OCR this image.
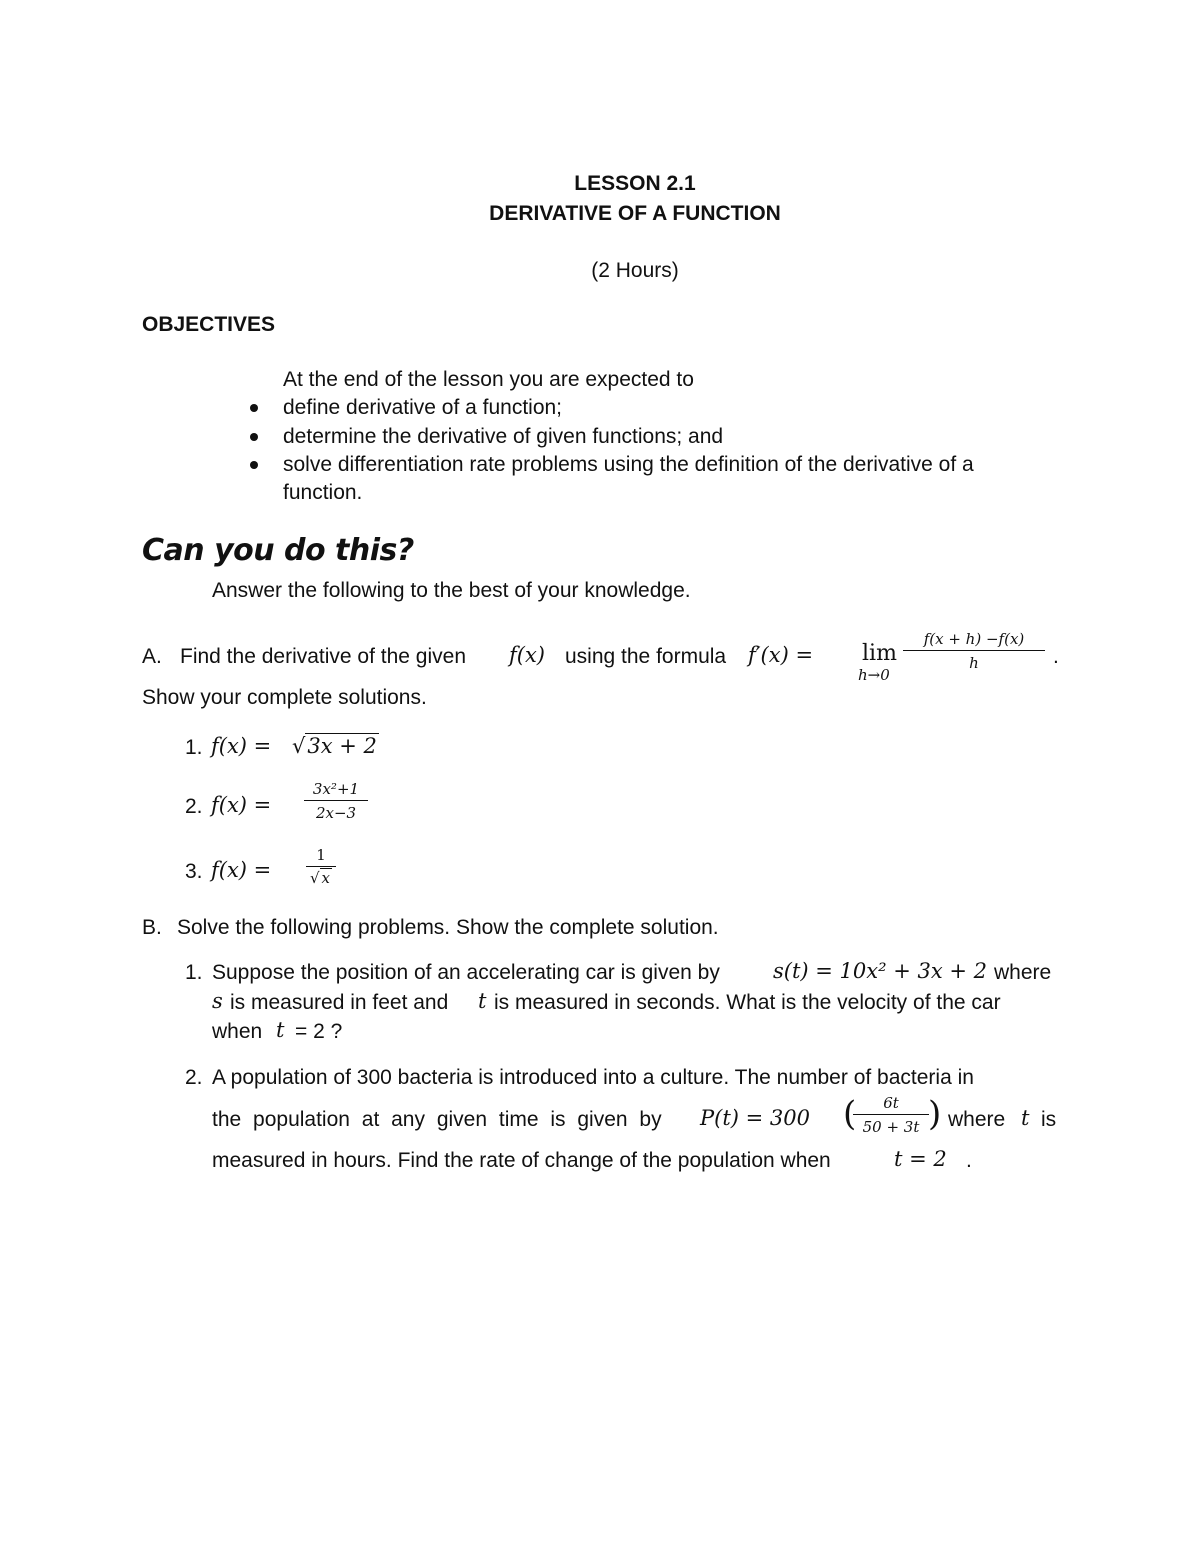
LESSON 2.1
DERIVATIVE OF A FUNCTION
(2 Hours)
OBJECTIVES
At the end of the lesson you are expected to
define derivative of a function;
determine the derivative of given functions; and
solve differentiation rate problems using the definition of the derivative of a
function.
Can you do this?
Answer the following to the best of your knowledge.
A. Find the derivative of the given f(x) using the formula f′(x) = lim
h→0
$\frac{f(x + h) -f(x)}{h}$ .
Show your complete solutions.
1. f(x) = √3x + 2
2. $f(x) = \frac{\text{3x²+1}}{2x-3}$
3. $f(x) = \frac{1}{√ x}$
B. Solve the following problems. Show the complete solution.
1. Suppose the position of an accelerating car is given by	s(t) = 10x² + 3x + 2 where
s is measured in feet and t is measured in seconds. What is the velocity of the car
when t = 2 ?
2. A population of 300 bacteria is introduced into a culture. The number of bacteria in
the population at any given time is given by P(t) = 300 (
$\frac{6t}{50 + 3t}$ ) where t is
measured in hours. Find the rate of change of the population when	t = 2 .
